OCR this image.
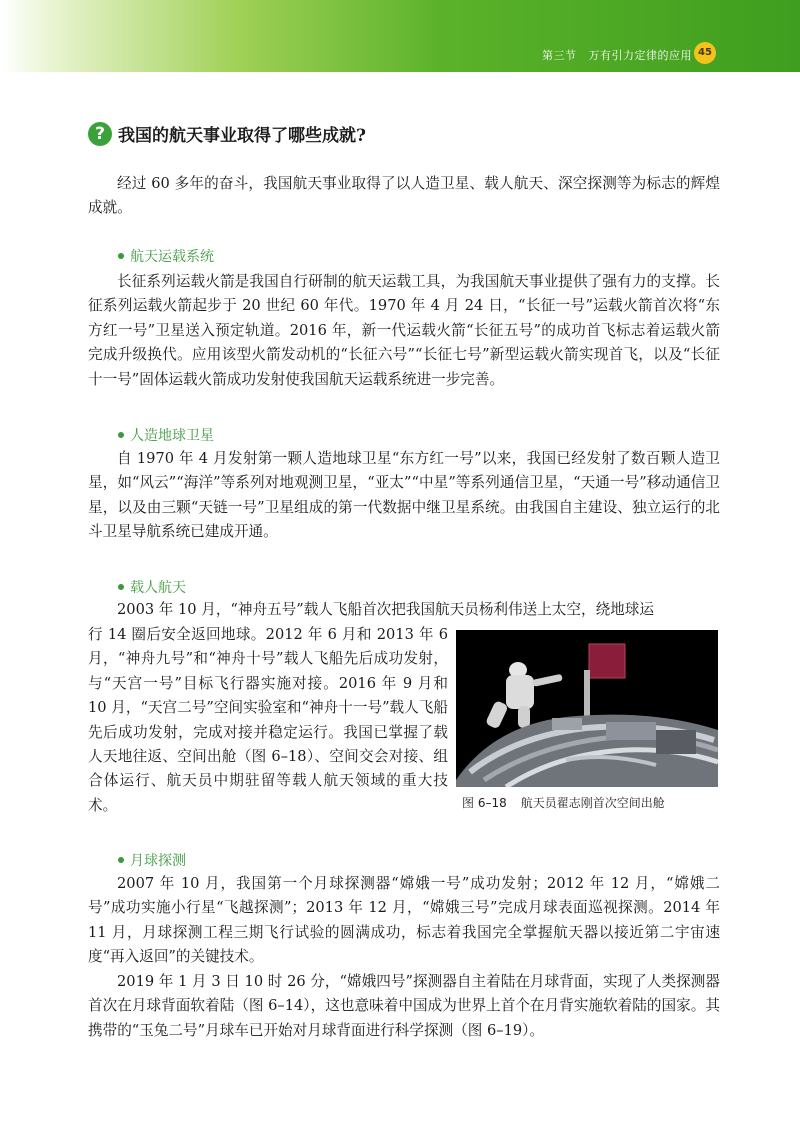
第三节 万有引力定律的应用 45
? 我国的航天事业取得了哪些成就?

经过 60 多年的奋斗，我国航天事业取得了以人造卫星、载人航天、深空探测等为标志的辉煌成就。

航天运载系统

长征系列运载火箭是我国自行研制的航天运载工具，为我国航天事业提供了强有力的支撑。长征系列运载火箭起步于 20 世纪 60 年代。1970 年 4 月 24 日，“长征一号”运载火箭首次将“东方红一号”卫星送入预定轨道。2016 年，新一代运载火箭“长征五号”的成功首飞标志着运载火箭完成升级换代。应用该型火箭发动机的“长征六号”“长征七号”新型运载火箭实现首飞，以及“长征十一号”固体运载火箭成功发射使我国航天运载系统进一步完善。

人造地球卫星

自 1970 年 4 月发射第一颗人造地球卫星“东方红一号”以来，我国已经发射了数百颗人造卫星，如“风云”“海洋”等系列对地观测卫星，“亚太”“中星”等系列通信卫星，“天通一号”移动通信卫星，以及由三颗“天链一号”卫星组成的第一代数据中继卫星系统。由我国自主建设、独立运行的北斗卫星导航系统已建成开通。

载人航天

2003 年 10 月，“神舟五号”载人飞船首次把我国航天员杨利伟送上太空，绕地球运

行 14 圈后安全返回地球。2012 年 6 月和 2013 年 6 月，“神舟九号”和“神舟十号”载人飞船先后成功发射，与“天宫一号”目标飞行器实施对接。2016 年 9 月和 10 月，“天宫二号”空间实验室和“神舟十一号”载人飞船先后成功发射，完成对接并稳定运行。我国已掌握了载人天地往返、空间出舱（图 6–18）、空间交会对接、组合体运行、航天员中期驻留等载人航天领域的重大技术。	图 6–18 航天员翟志刚首次空间出舱
月球探测

2007 年 10 月，我国第一个月球探测器“嫦娥一号”成功发射；2012 年 12 月，“嫦娥二号”成功实施小行星“飞越探测”；2013 年 12 月，“嫦娥三号”完成月球表面巡视探测。2014 年 11 月，月球探测工程三期飞行试验的圆满成功，标志着我国完全掌握航天器以接近第二宇宙速度“再入返回”的关键技术。

2019 年 1 月 3 日 10 时 26 分，“嫦娥四号”探测器自主着陆在月球背面，实现了人类探测器首次在月球背面软着陆（图 6–14），这也意味着中国成为世界上首个在月背实施软着陆的国家。其携带的“玉兔二号”月球车已开始对月球背面进行科学探测（图 6–19）。
